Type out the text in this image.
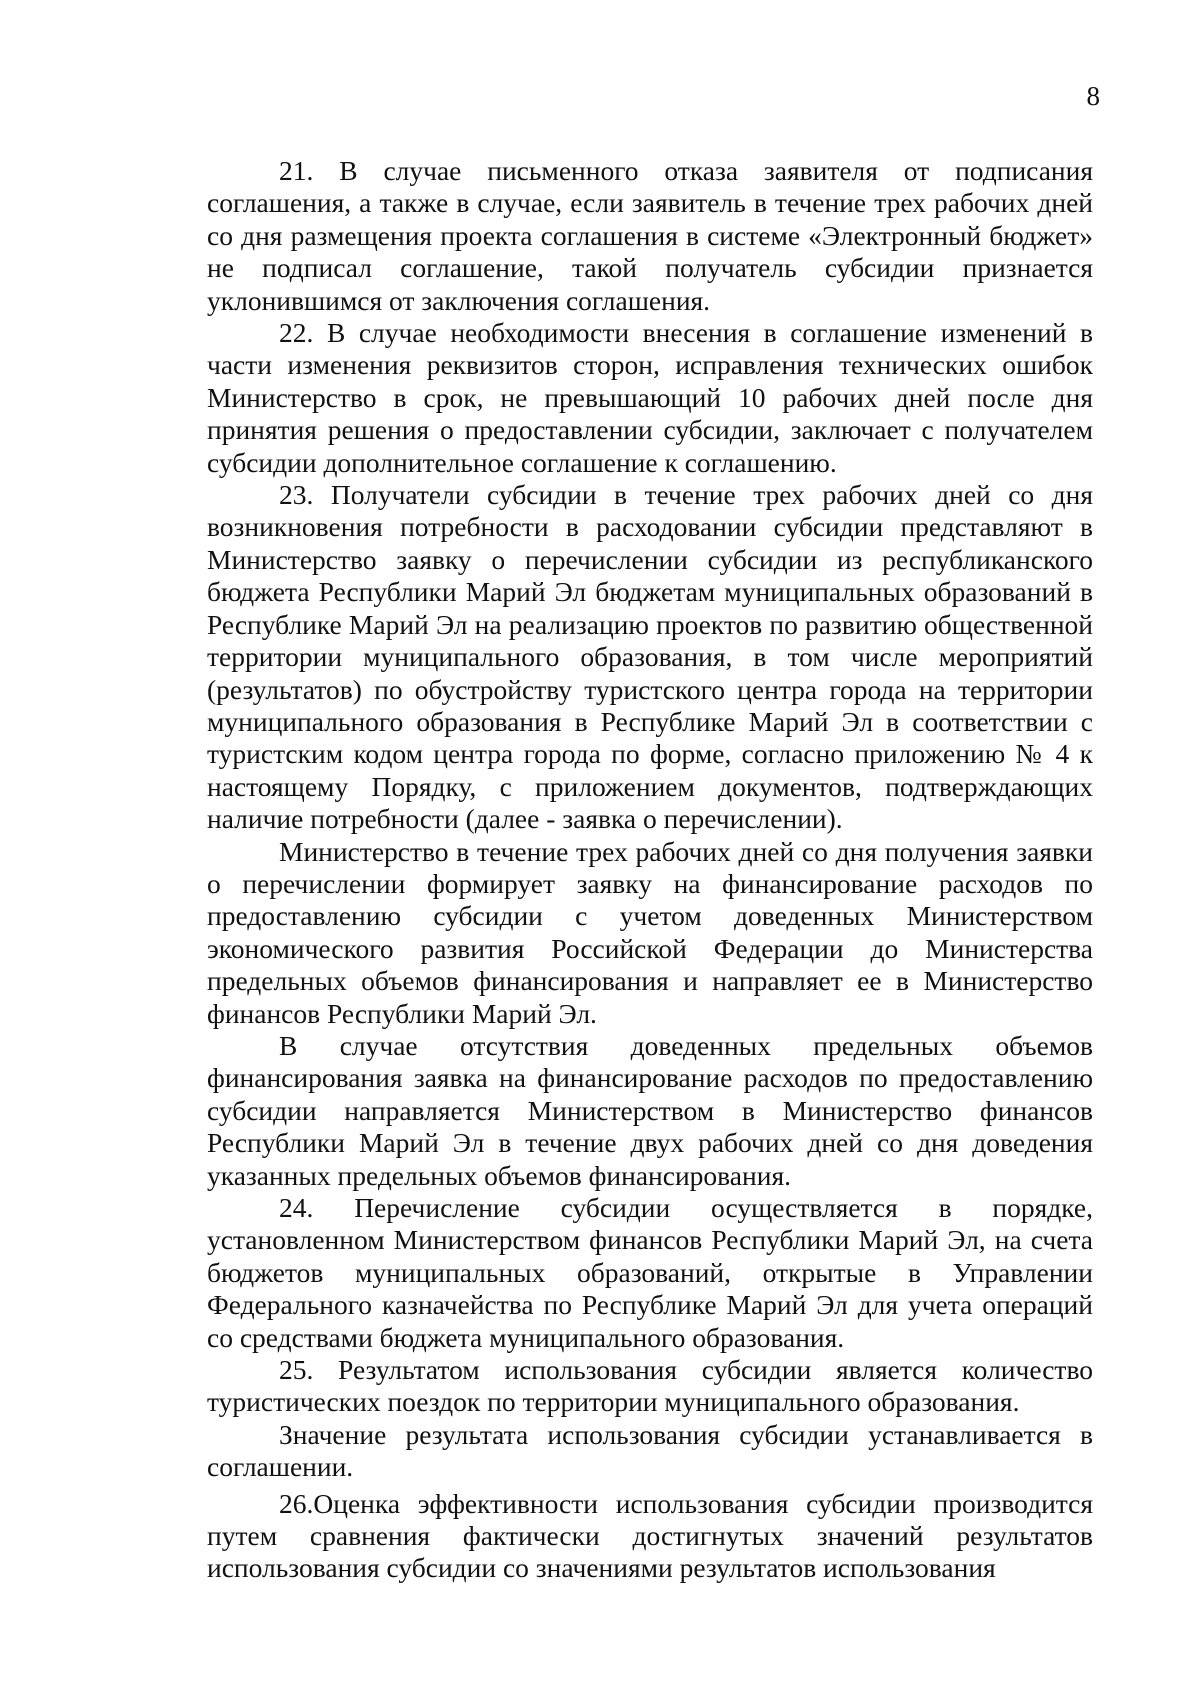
8

21. В случае письменного отказа заявителя от подписания соглашения, а также в случае, если заявитель в течение трех рабочих дней со дня размещения проекта соглашения в системе «Электронный бюджет» не подписал соглашение, такой получатель субсидии признается уклонившимся от заключения соглашения.

22. В случае необходимости внесения в соглашение изменений в части изменения реквизитов сторон, исправления технических ошибок Министерство в срок, не превышающий 10 рабочих дней после дня принятия решения о предоставлении субсидии, заключает с получателем субсидии дополнительное соглашение к соглашению.

23. Получатели субсидии в течение трех рабочих дней со дня возникновения потребности в расходовании субсидии представляют в Министерство заявку о перечислении субсидии из республиканского бюджета Республики Марий Эл бюджетам муниципальных образований в Республике Марий Эл на реализацию проектов по развитию общественной территории муниципального образования, в том числе мероприятий (результатов) по обустройству туристского центра города на территории муниципального образования в Республике Марий Эл в соответствии с туристским кодом центра города по форме, согласно приложению № 4 к настоящему Порядку, с приложением документов, подтверждающих наличие потребности (далее - заявка о перечислении).

Министерство в течение трех рабочих дней со дня получения заявки о перечислении формирует заявку на финансирование расходов по предоставлению субсидии с учетом доведенных Министерством экономического развития Российской Федерации до Министерства предельных объемов финансирования и направляет ее в Министерство финансов Республики Марий Эл.

В случае отсутствия доведенных предельных объемов финансирования заявка на финансирование расходов по предоставлению субсидии направляется Министерством в Министерство финансов Республики Марий Эл в течение двух рабочих дней со дня доведения указанных предельных объемов финансирования.

24. Перечисление субсидии осуществляется в порядке, установленном Министерством финансов Республики Марий Эл, на счета бюджетов муниципальных образований, открытые в Управлении Федерального казначейства по Республике Марий Эл для учета операций со средствами бюджета муниципального образования.

25. Результатом использования субсидии является количество туристических поездок по территории муниципального образования.

Значение результата использования субсидии устанавливается в соглашении.

26.Оценка эффективности использования субсидии производится путем сравнения фактически достигнутых значений результатов использования субсидии со значениями результатов использования
